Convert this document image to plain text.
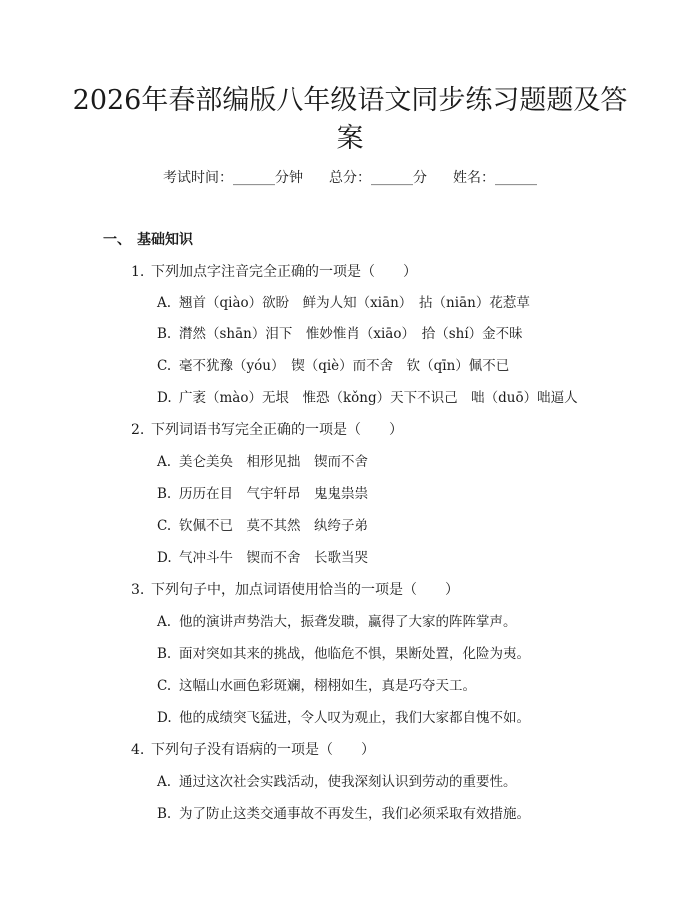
2026年春部编版八年级语文同步练习题题及答案
考试时间：______分钟 总分：______分 姓名：______
一、 基础知识
1. 下列加点字注音完全正确的一项是（　　）
A. 翘首（qiào）欲盼　鲜为人知（xiān）　拈（niān）花惹草
B. 潸然（shān）泪下　惟妙惟肖（xiāo）　拾（shí）金不昧
C. 毫不犹豫（yóu）　锲（qiè）而不舍　钦（qīn）佩不已
D. 广袤（mào）无垠　惟恐（kǒng）天下不识己　咄（duō）咄逼人
2. 下列词语书写完全正确的一项是（　　）
A. 美仑美奂　相形见拙　锲而不舍
B. 历历在目　气宇轩昂　鬼鬼祟祟
C. 钦佩不已　莫不其然　纨绔子弟
D. 气冲斗牛　锲而不舍　长歌当哭
3. 下列句子中，加点词语使用恰当的一项是（　　）
A. 他的演讲声势浩大，振聋发聩，赢得了大家的阵阵掌声。
B. 面对突如其来的挑战，他临危不惧，果断处置，化险为夷。
C. 这幅山水画色彩斑斓，栩栩如生，真是巧夺天工。
D. 他的成绩突飞猛进，令人叹为观止，我们大家都自愧不如。
4. 下列句子没有语病的一项是（　　）
A. 通过这次社会实践活动，使我深刻认识到劳动的重要性。
B. 为了防止这类交通事故不再发生，我们必须采取有效措施。
